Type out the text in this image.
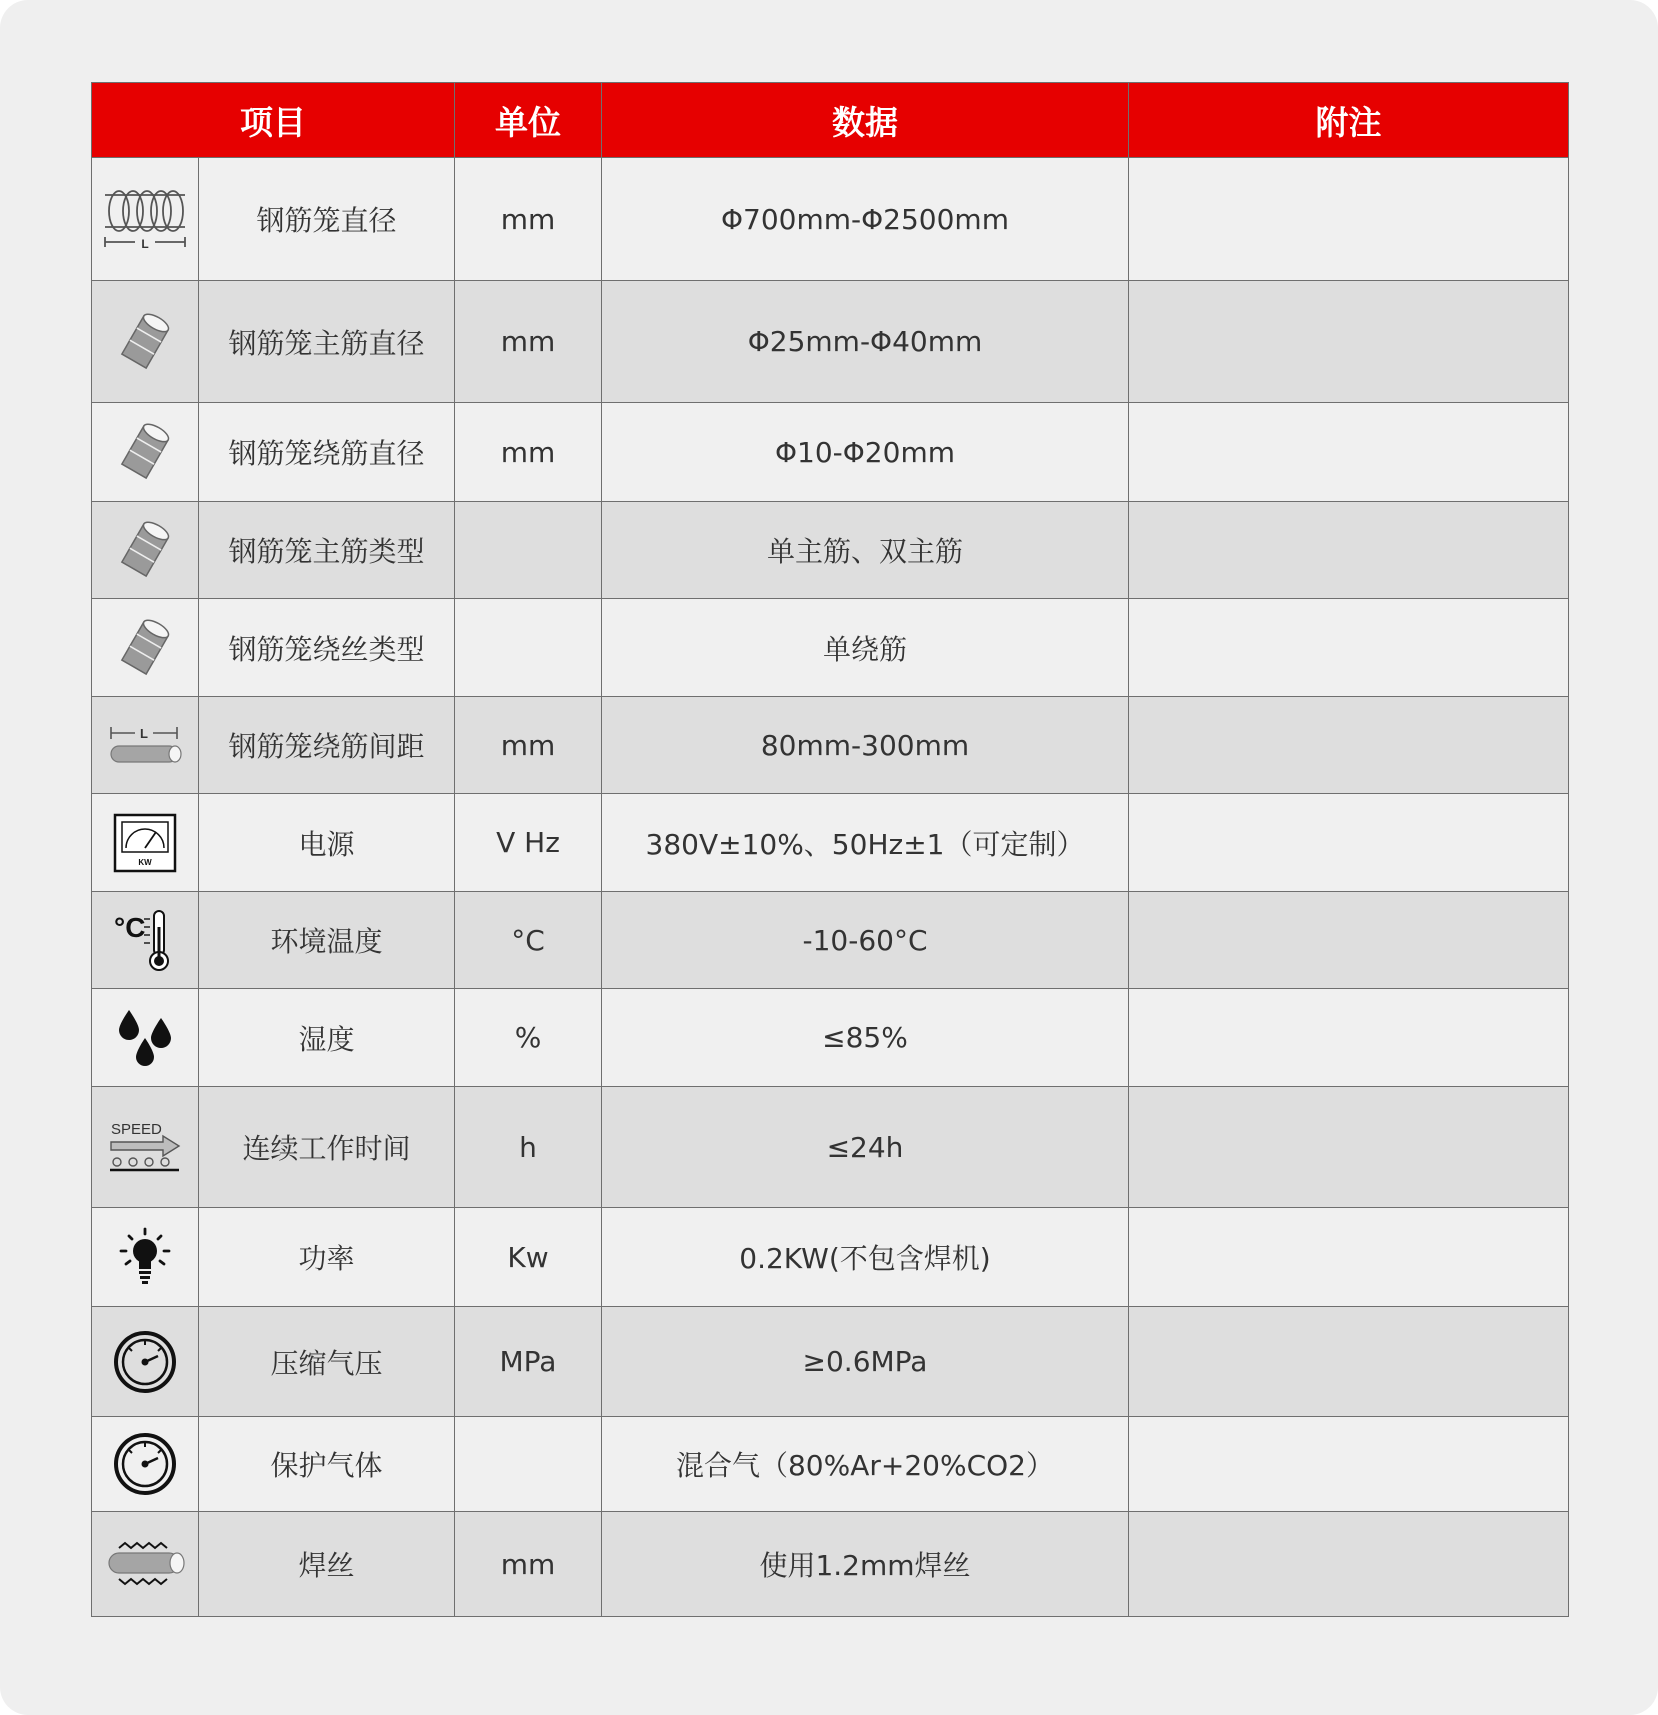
项目		单位	数据	附注

L	钢筋笼直径	mm	Φ700mm-Φ2500mm	

	钢筋笼主筋直径	mm	Φ25mm-Φ40mm	

	钢筋笼绕筋直径	mm	Φ10-Φ20mm	

	钢筋笼主筋类型		单主筋、双主筋	

	钢筋笼绕丝类型		单绕筋	

L	钢筋笼绕筋间距	mm	80mm-300mm	

KW	电源	V Hz	380V±10%、50Hz±1（可定制）	

°C	环境温度	°C	-10-60°C	

	湿度	%	≤85%	

SPEED	连续工作时间	h	≤24h	

	功率	Kw	0.2KW(不包含焊机)	

	压缩气压	MPa	≥0.6MPa	

	保护气体		混合气（80%Ar+20%CO2）	

	焊丝	mm	使用1.2mm焊丝	
